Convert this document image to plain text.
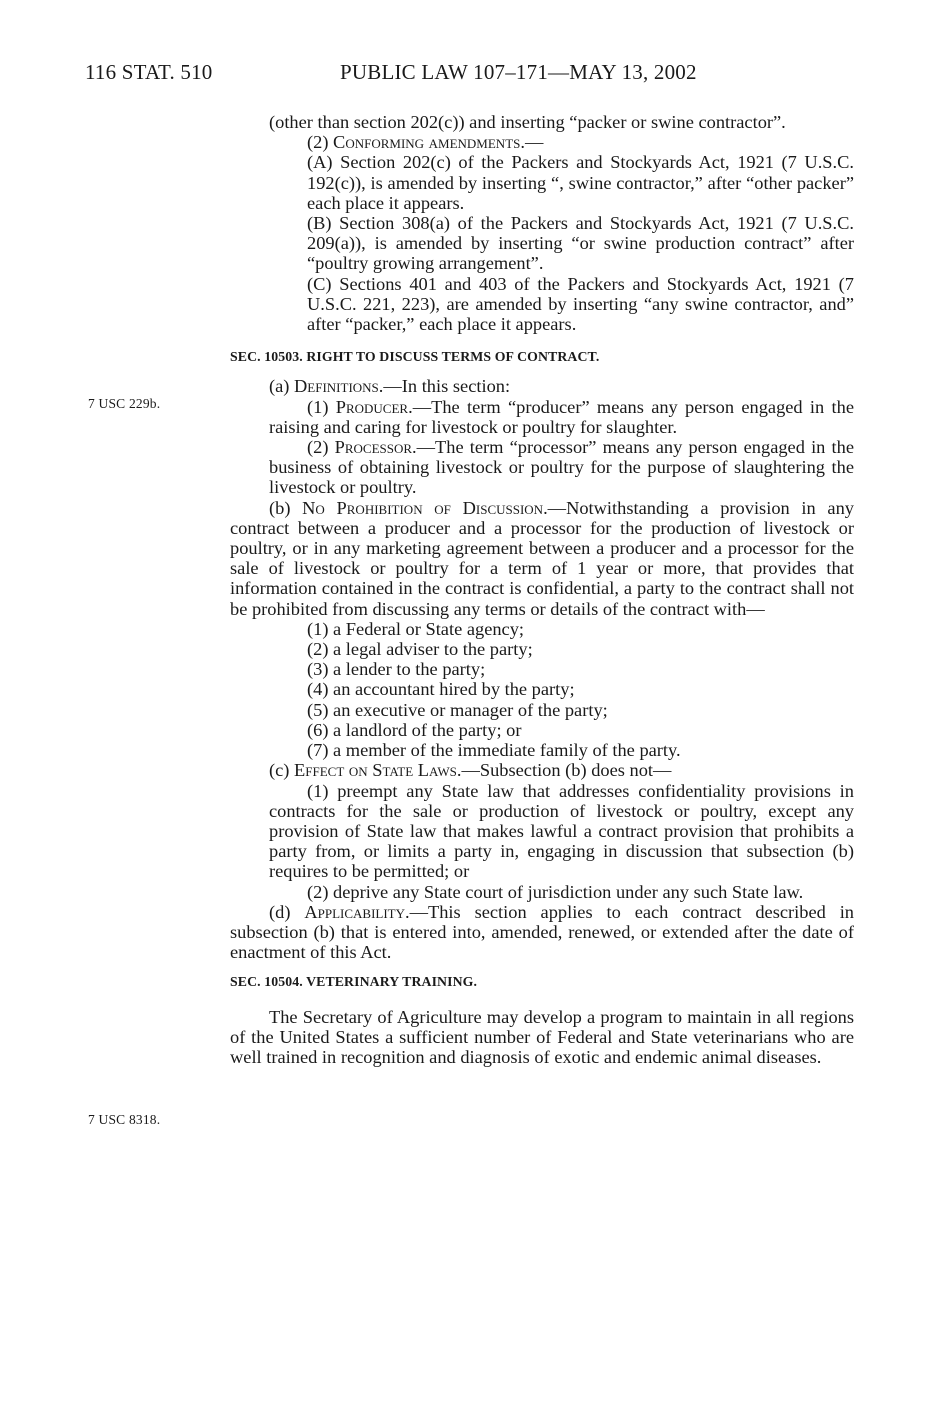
116 STAT. 510	PUBLIC LAW 107–171—MAY 13, 2002
7 USC 229b.
7 USC 8318.

(other than section 202(c)) and inserting “packer or swine contractor”.

(2) Conforming amendments.—

(A) Section 202(c) of the Packers and Stockyards Act, 1921 (7 U.S.C. 192(c)), is amended by inserting “, swine contractor,” after “other packer” each place it appears.

(B) Section 308(a) of the Packers and Stockyards Act, 1921 (7 U.S.C. 209(a)), is amended by inserting “or swine production contract” after “poultry growing arrangement”.

(C) Sections 401 and 403 of the Packers and Stockyards Act, 1921 (7 U.S.C. 221, 223), are amended by inserting “any swine contractor, and” after “packer,” each place it appears.

SEC. 10503. RIGHT TO DISCUSS TERMS OF CONTRACT.

(a) Definitions.—In this section:

(1) Producer.—The term “producer” means any person engaged in the raising and caring for livestock or poultry for slaughter.

(2) Processor.—The term “processor” means any person engaged in the business of obtaining livestock or poultry for the purpose of slaughtering the livestock or poultry.

(b) No Prohibition of Discussion.—Notwithstanding a provision in any contract between a producer and a processor for the production of livestock or poultry, or in any marketing agreement between a producer and a processor for the sale of livestock or poultry for a term of 1 year or more, that provides that information contained in the contract is confidential, a party to the contract shall not be prohibited from discussing any terms or details of the contract with—

(1) a Federal or State agency;

(2) a legal adviser to the party;

(3) a lender to the party;

(4) an accountant hired by the party;

(5) an executive or manager of the party;

(6) a landlord of the party; or

(7) a member of the immediate family of the party.

(c) Effect on State Laws.—Subsection (b) does not—

(1) preempt any State law that addresses confidentiality provisions in contracts for the sale or production of livestock or poultry, except any provision of State law that makes lawful a contract provision that prohibits a party from, or limits a party in, engaging in discussion that subsection (b) requires to be permitted; or

(2) deprive any State court of jurisdiction under any such State law.

(d) Applicability.—This section applies to each contract described in subsection (b) that is entered into, amended, renewed, or extended after the date of enactment of this Act.

SEC. 10504. VETERINARY TRAINING.

The Secretary of Agriculture may develop a program to maintain in all regions of the United States a sufficient number of Federal and State veterinarians who are well trained in recognition and diagnosis of exotic and endemic animal diseases.
